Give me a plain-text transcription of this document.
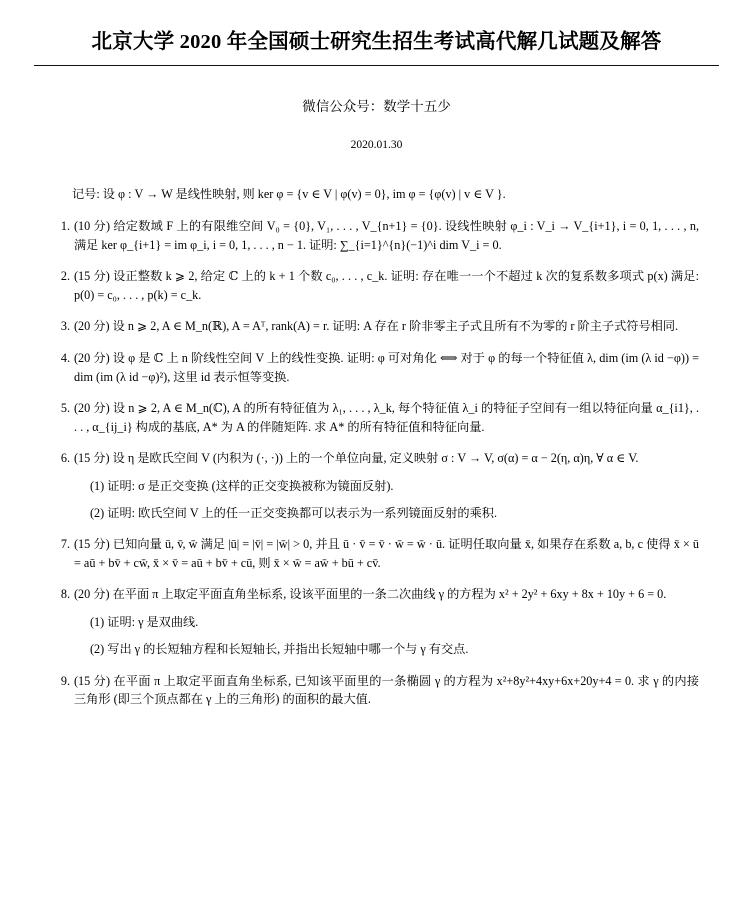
北京大学 2020 年全国硕士研究生招生考试高代解几试题及解答
微信公众号：数学十五少
2020.01.30
记号: 设 φ : V → W 是线性映射, 则 ker φ = {v ∈ V | φ(v) = 0}, im φ = {φ(v) | v ∈ V }.
(10 分) 给定数域 F 上的有限维空间 V₀ = {0}, V₁, . . . , V_{n+1} = {0}. 设线性映射 φ_i : V_i → V_{i+1}, i = 0, 1, . . . , n, 满足 ker φ_{i+1} = im φ_i, i = 0, 1, . . . , n − 1. 证明: ∑_{i=1}^{n}(−1)^i dim V_i = 0.
(15 分) 设正整数 k ⩾ 2, 给定 ℂ 上的 k + 1 个数 c₀, . . . , c_k. 证明: 存在唯一一个不超过 k 次的复系数多项式 p(x) 满足: p(0) = c₀, . . . , p(k) = c_k.
(20 分) 设 n ⩾ 2, A ∈ M_n(ℝ), A = Aᵀ, rank(A) = r. 证明: A 存在 r 阶非零主子式且所有不为零的 r 阶主子式符号相同.
(20 分) 设 φ 是 ℂ 上 n 阶线性空间 V 上的线性变换. 证明: φ 可对角化 ⟺ 对于 φ 的每一个特征值 λ, dim (im (λ id −φ)) = dim (im (λ id −φ)²), 这里 id 表示恒等变换.
(20 分) 设 n ⩾ 2, A ∈ M_n(ℂ), A 的所有特征值为 λ₁, . . . , λ_k, 每个特征值 λ_i 的特征子空间有一组以特征向量 α_{i1}, . . . , α_{ij_i} 构成的基底, A* 为 A 的伴随矩阵. 求 A* 的所有特征值和特征向量.
(15 分) 设 η 是欧氏空间 V (内积为 (·, ·)) 上的一个单位向量, 定义映射 σ : V → V, σ(α) = α − 2(η, α)η, ∀ α ∈ V.
(1) 证明: σ 是正交变换 (这样的正交变换被称为镜面反射).
(2) 证明: 欧氏空间 V 上的任一正交变换都可以表示为一系列镜面反射的乘积.
(15 分) 已知向量 ū, v̄, w̄ 满足 |ū| = |v̄| = |w̄| > 0, 并且 ū · v̄ = v̄ · w̄ = w̄ · ū. 证明任取向量 x̄, 如果存在系数 a, b, c 使得 x̄ × ū = aū + bv̄ + cw̄, x̄ × v̄ = aū + bv̄ + cū, 则 x̄ × w̄ = aw̄ + bū + cv̄.
(20 分) 在平面 π 上取定平面直角坐标系, 设该平面里的一条二次曲线 γ 的方程为 x² + 2y² + 6xy + 8x + 10y + 6 = 0.
(1) 证明: γ 是双曲线.
(2) 写出 γ 的长短轴方程和长短轴长, 并指出长短轴中哪一个与 γ 有交点.
(15 分) 在平面 π 上取定平面直角坐标系, 已知该平面里的一条椭圆 γ 的方程为 x²+8y²+4xy+6x+20y+4 = 0. 求 γ 的内接三角形 (即三个顶点都在 γ 上的三角形) 的面积的最大值.
